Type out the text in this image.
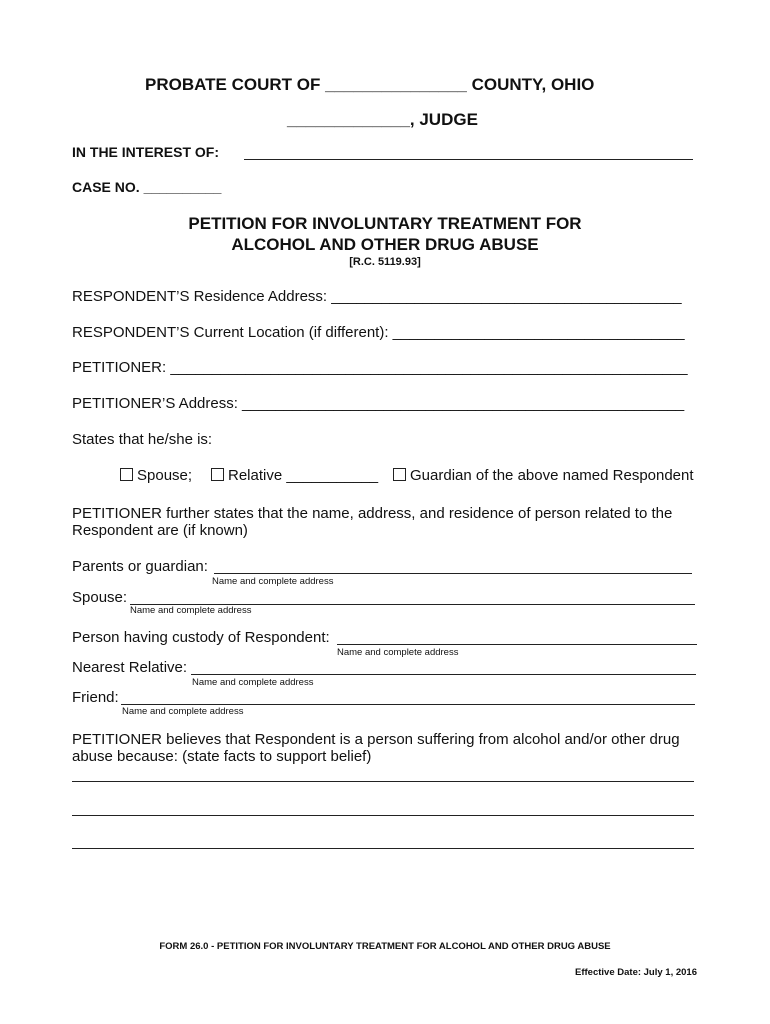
PROBATE COURT OF _______________ COUNTY, OHIO
_____________, JUDGE
IN THE INTEREST OF:
CASE NO. __________
PETITION FOR INVOLUNTARY TREATMENT FOR
ALCOHOL AND OTHER DRUG ABUSE
[R.C. 5119.93]
RESPONDENT’S Residence Address: __________________________________________
RESPONDENT’S Current Location (if different): ___________________________________
PETITIONER: ______________________________________________________________
PETITIONER’S Address: _____________________________________________________
States that he/she is:
Spouse;	Relative ___________	Guardian of the above named Respondent
PETITIONER further states that the name, address, and residence of person related to the
Respondent are (if known)
Parents or guardian:
Name and complete address
Spouse:
Name and complete address
Person having custody of Respondent:
Name and complete address
Nearest Relative:
Name and complete address
Friend:
Name and complete address
PETITIONER believes that Respondent is a person suffering from alcohol and/or other drug
abuse because: (state facts to support belief)
FORM 26.0 - PETITION FOR INVOLUNTARY TREATMENT FOR ALCOHOL AND OTHER DRUG ABUSE
Effective Date: July 1, 2016
